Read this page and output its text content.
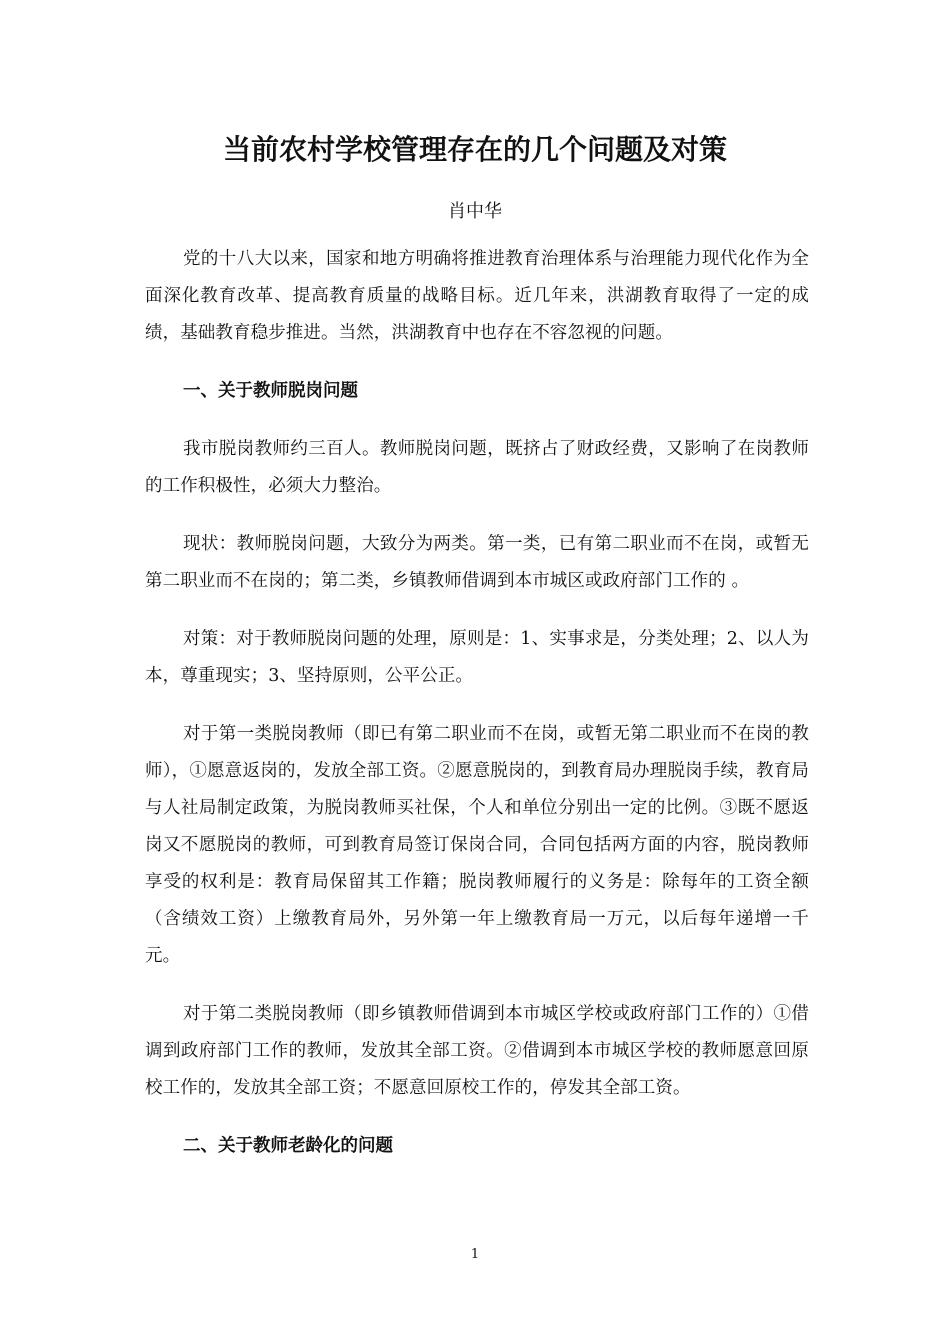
当前农村学校管理存在的几个问题及对策

肖中华

党的十八大以来，国家和地方明确将推进教育治理体系与治理能力现代化作为全面深化教育改革、提高教育质量的战略目标。近几年来，洪湖教育取得了一定的成绩，基础教育稳步推进。当然，洪湖教育中也存在不容忽视的问题。

一、关于教师脱岗问题

我市脱岗教师约三百人。教师脱岗问题，既挤占了财政经费，又影响了在岗教师的工作积极性，必须大力整治。

现状：教师脱岗问题，大致分为两类。第一类，已有第二职业而不在岗，或暂无第二职业而不在岗的；第二类，乡镇教师借调到本市城区或政府部门工作的 。

对策：对于教师脱岗问题的处理，原则是：1、实事求是，分类处理；2、以人为本，尊重现实；3、坚持原则，公平公正。

对于第一类脱岗教师（即已有第二职业而不在岗，或暂无第二职业而不在岗的教师），①愿意返岗的，发放全部工资。②愿意脱岗的，到教育局办理脱岗手续，教育局与人社局制定政策，为脱岗教师买社保，个人和单位分别出一定的比例。③既不愿返岗又不愿脱岗的教师，可到教育局签订保岗合同，合同包括两方面的内容，脱岗教师享受的权利是：教育局保留其工作籍；脱岗教师履行的义务是：除每年的工资全额（含绩效工资）上缴教育局外，另外第一年上缴教育局一万元，以后每年递增一千元。

对于第二类脱岗教师（即乡镇教师借调到本市城区学校或政府部门工作的）①借调到政府部门工作的教师，发放其全部工资。②借调到本市城区学校的教师愿意回原校工作的，发放其全部工资；不愿意回原校工作的，停发其全部工资。

二、关于教师老龄化的问题

1
